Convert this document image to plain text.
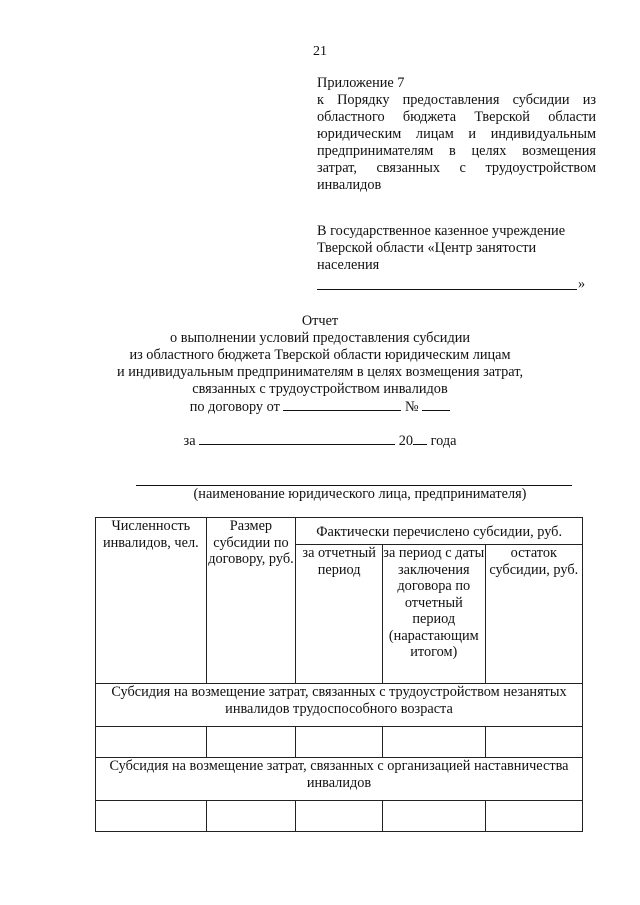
21
Приложение 7
к Порядку предоставления субсидии из
областного бюджета Тверской области
юридическим лицам и индивидуальным
предпринимателям в целях возмещения
затрат, связанных с трудоустройством
инвалидов
В государственное казенное учреждение
Тверской области «Центр занятости
населения
»
Отчет
о выполнении условий предоставления субсидии
из областного бюджета Тверской области юридическим лицам
и индивидуальным предпринимателям в целях возмещения затрат,
связанных с трудоустройством инвалидов
по договору от	№
за	20 года
(наименование юридического лица, предпринимателя)
Численность инвалидов, чел.	Размер субсидии по договору, руб.	Фактически перечислено субсидии, руб.		
		за отчетный период	за период с даты заключения договора по отчетный период (нарастающим итогом)	остаток субсидии, руб.
Субсидия на возмещение затрат, связанных с трудоустройством незанятых инвалидов трудоспособного возраста				

Субсидия на возмещение затрат, связанных с организацией наставничества инвалидов				
